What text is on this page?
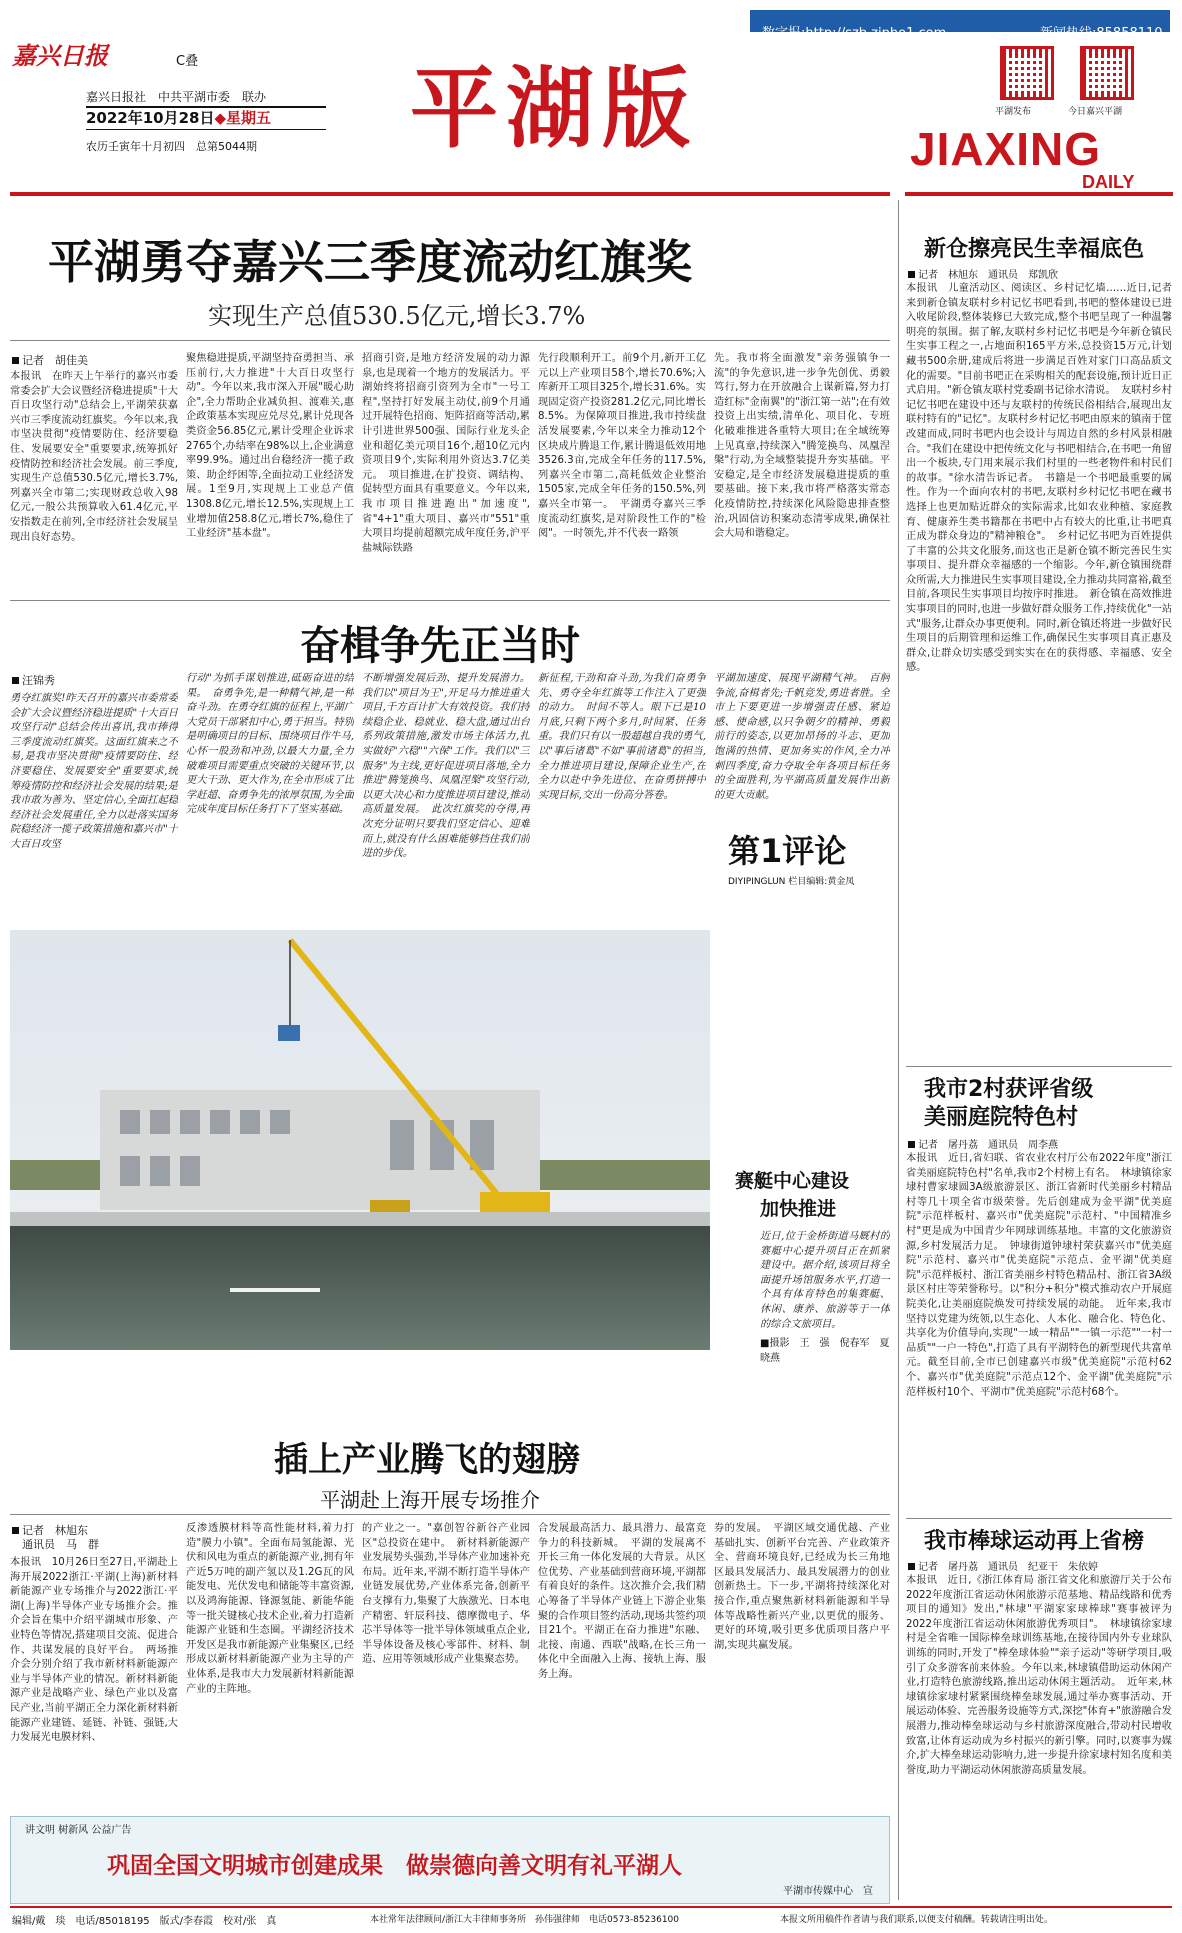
数字报:http://szb.zjpho1.com	新闻热线:85858110
嘉兴日报	C叠
嘉兴日报社　中共平湖市委　联办
2022年10月28日◆星期五
农历壬寅年十月初四　 总第5044期 平湖版	平湖发布	今日嘉兴平湖
JIAXING
DAILY
平湖勇夺嘉兴三季度流动红旗奖
实现生产总值530.5亿元,增长3.7%
记者　胡佳美
本报讯　在昨天上午举行的嘉兴市委常委会扩大会议暨经济稳进提质"十大百日攻坚行动"总结会上,平湖荣获嘉兴市三季度流动红旗奖。今年以来,我市坚决贯彻"疫情要防住、经济要稳住、发展要安全"重要要求,统筹抓好疫情防控和经济社会发展。前三季度,实现生产总值530.5亿元,增长3.7%,列嘉兴全市第二;实现财政总收入98亿元,一般公共预算收入61.4亿元,平安指数走在前列,全市经济社会发展呈现出良好态势。
聚焦稳进提质,平湖坚持奋勇担当、承压前行,大力推进"十大百日攻坚行动"。今年以来,我市深入开展"暖心助企",全力帮助企业减负担、渡难关,惠企政策基本实现应兑尽兑,累计兑现各类资金56.85亿元,累计受理企业诉求2765个,办结率在98%以上,企业满意率99.9%。通过出台稳经济一揽子政策、助企纾困等,全面拉动工业经济发展。1至9月,实现规上工业总产值1308.8亿元,增长12.5%,实现规上工业增加值258.8亿元,增长7%,稳住了工业经济"基本盘"。
招商引资,是地方经济发展的动力源泉,也是现着一个地方的发展活力。平湖始终将招商引资列为全市"一号工程",坚持打好发展主动仗,前9个月通过开展特色招商、矩阵招商等活动,累计引进世界500强、国际行业龙头企业和超亿美元项目16个,超10亿元内资项目9个,实际利用外资达3.7亿美元。　项目推进,在扩投资、调结构、促转型方面具有重要意义。今年以来,我市项目推进跑出"加速度",省"4+1"重大项目、嘉兴市"551"重大项目均提前超额完成年度任务,沪平盐城际铁路
先行段顺利开工。前9个月,新开工亿元以上产业项目58个,增长70.6%;入库新开工项目325个,增长31.6%。实现固定资产投资281.2亿元,同比增长8.5%。为保障项目推进,我市持续盘活发展要素,今年以来全力推动12个区块成片腾退工作,累计腾退低效用地3526.3亩,完成全年任务的117.5%,列嘉兴全市第二,高耗低效企业整治1505家,完成全年任务的150.5%,列嘉兴全市第一。　平湖勇夺嘉兴三季度流动红旗奖,是对阶段性工作的"检阅"。一时领先,并不代表一路领
先。我市将全面激发"亲务强镇争一流"的争先意识,进一步争先创优、勇毅笃行,努力在开放融合上谋新篇,努力打造红标"金南翼"的"浙江第一站";在有效投资上出实绩,清单化、项目化、专班化破难推进各重特大项目;在全域统筹上见真章,持续深入"腾笼换鸟、凤凰涅槃"行动,为全域整装提升夯实基础。平安稳定,是全市经济发展稳进提质的重要基础。接下来,我市将严格落实常态化疫情防控,持续深化风险隐患排查整治,巩固信访积案动态清零成果,确保社会大局和谐稳定。
奋楫争先正当时
汪锦秀
勇夺红旗奖!昨天召开的嘉兴市委常委会扩大会议暨经济稳进提质"十大百日攻坚行动"总结会传出喜讯,我市捧得三季度流动红旗奖。这面红旗来之不易,是我市坚决贯彻"疫情要防住、经济要稳住、发展要安全"重要要求,统筹疫情防控和经济社会发展的结果;是我市敢为善为、坚定信心,全面扛起稳经济社会发展重任,全力以赴落实国务院稳经济一揽子政策措施和嘉兴市"十大百日攻坚
行动"为抓手谋划推进,砥砺奋进的结果。　奋勇争先,是一种精气神,是一种奋斗劲。在勇夺红旗的征程上,平湖广大党员干部紧扣中心,勇于担当。特别是明确项目的目标、围绕项目作牛马,心怀一股劲和冲劲,以最大力量,全力破难项目需要重点突破的关键环节,以更大干劲、更大作为,在全市形成了比学赶超、奋勇争先的浓厚氛围,为全面完成年度目标任务打下了坚实基础。
不断增强发展后劲、提升发展潜力。我们以"项目为王",开足马力推进重大项目,千方百计扩大有效投资。我们持续稳企业、稳就业、稳大盘,通过出台系列政策措施,激发市场主体活力,扎实做好"六稳""六保"工作。我们以"三服务"为主线,更好促进项目落地,全力推进"腾笼换鸟、凤凰涅槃"攻坚行动,以更大决心和力度推进项目建设,推动高质量发展。　此次红旗奖的夺得,再次充分证明只要我们坚定信心、迎难而上,就没有什么困难能够挡住我们前进的步伐。
新征程,干劲和奋斗劲,为我们奋勇争先、勇夺全年红旗等工作注入了更强的动力。　时间不等人。眼下已是10月底,只剩下两个多月,时间紧、任务重。我们只有以一股超越自我的勇气,以"事后诸葛"不如"事前诸葛"的担当,全力推进项目建设,保障企业生产,在全力以赴中争先进位、在奋勇拼搏中实现目标,交出一份高分答卷。
平湖加速度、展现平湖精气神。　百舸争流,奋楫者先;千帆竞发,勇进者胜。全市上下要更进一步增强责任感、紧迫感、使命感,以只争朝夕的精神、勇毅前行的姿态,以更加昂扬的斗志、更加饱满的热情、更加务实的作风,全力冲刺四季度,奋力夺取全年各项目标任务的全面胜利,为平湖高质量发展作出新的更大贡献。
第1评论
DIYIPINGLUN 栏目编辑:黄金凤
赛艇中心建设
加快推进
近日,位于金桥街道马厩村的赛艇中心提升项目正在抓紧建设中。据介绍,该项目将全面提升场馆服务水平,打造一个具有体育特色的集赛艇、休闲、康养、旅游等于一体的综合文旅项目。
■摄影　王　强　倪春军　夏晓燕
插上产业腾飞的翅膀
平湖赴上海开展专场推介
记者　林旭东
通讯员　马　群
本报讯　10月26日至27日,平湖赴上海开展2022浙江·平湖(上海)新材料新能源产业专场推介与2022浙江·平湖(上海)半导体产业专场推介会。推介会旨在集中介绍平湖城市形象、产业特色等情况,搭建项目交流、促进合作、共谋发展的良好平台。　两场推介会分别介绍了我市新材料新能源产业与半导体产业的情况。新材料新能源产业是战略产业、绿色产业以及富民产业,当前平湖正全力深化新材料新能源产业建链、延链、补链、强链,大力发展光电膜材料、
反渗透膜材料等高性能材料,着力打造"膜力小镇"。全面布局氢能源、光伏和风电为重点的新能源产业,拥有年产近5万吨的副产氢以及1.2G瓦的风能发电、光伏发电和储能等丰富资源,以及鸿海能源、锋源氢能、新能华能等一批关键核心技术企业,着力打造新能源产业链和生态圈。平湖经济技术开发区是我市新能源产业集聚区,已经形成以新材料新能源产业为主导的产业体系,是我市大力发展新材料新能源产业的主阵地。
的产业之一。"嘉创智谷新谷产业园区"总投资在建中。　新材料新能源产业发展势头强劲,半导体产业加速补充布局。近年来,平湖不断打造半导体产业链发展优势,产业体系完备,创新平台支撑有力,集聚了大族激光、日本电产精密、轩辰科技、德摩微电子、华芯半导体等一批半导体领域重点企业,半导体设备及核心零部件、材料、制造、应用等领域形成产业集聚态势。
合发展最高活力、最具潜力、最富竞争力的科技新城。　平湖的发展离不开长三角一体化发展的大背景。从区位优势、产业基础到营商环境,平湖都有着良好的条件。这次推介会,我们精心筹备了半导体产业链上下游企业集聚的合作项目签约活动,现场共签约项目21个。平湖正在奋力推进"东融、北接、南通、西联"战略,在长三角一体化中全面融入上海、接轨上海、服务上海。
券的发展。　平湖区域交通优越、产业基础扎实、创新平台完善、产业政策齐全、营商环境良好,已经成为长三角地区最具发展活力、最具发展潜力的创业创新热土。下一步,平湖将持续深化对接合作,重点聚焦新材料新能源和半导体等战略性新兴产业,以更优的服务、更好的环境,吸引更多优质项目落户平湖,实现共赢发展。
新仓擦亮民生幸福底色
记者　林旭东　通讯员　郑凯欣
本报讯　儿童活动区、阅读区、乡村记忆墙……近日,记者来到新仓镇友联村乡村记忆书吧看到,书吧的整体建设已进入收尾阶段,整体装修已大致完成,整个书吧呈现了一种温馨明亮的氛围。据了解,友联村乡村记忆书吧是今年新仓镇民生实事工程之一,占地面积165平方米,总投资15万元,计划藏书500余册,建成后将进一步满足百姓对家门口高品质文化的需要。"目前书吧正在采购相关的配套设施,预计近日正式启用。"新仓镇友联村党委副书记徐水清说。　友联村乡村记忆书吧在建设中还与友联村的传统民俗相结合,展现出友联村特有的"记忆"。友联村乡村记忆书吧由原来的镇南于筐改建而成,同时书吧内也会设计与周边自然的乡村风景相融合。"我们在建设中把传统文化与书吧相结合,在书吧一角留出一个板块,专门用来展示我们村里的一些老物件和村民们的故事。"徐水清告诉记者。　书籍是一个书吧最重要的属性。作为一个面向农村的书吧,友联村乡村记忆书吧在藏书选择上也更加贴近群众的实际需求,比如农业种植、家庭教育、健康养生类书籍都在书吧中占有较大的比重,让书吧真正成为群众身边的"精神粮仓"。　乡村记忆书吧为百姓提供了丰富的公共文化服务,而这也正是新仓镇不断完善民生实事项目、提升群众幸福感的一个缩影。今年,新仓镇围绕群众所需,大力推进民生实事项目建设,全力推动共同富裕,截至目前,各项民生实事项目均按序时推进。　新仓镇在高效推进实事项目的同时,也进一步做好群众服务工作,持续优化"一站式"服务,让群众办事更便利。同时,新仓镇还将进一步做好民生项目的后期管理和运维工作,确保民生实事项目真正惠及群众,让群众切实感受到实实在在的获得感、幸福感、安全感。
我市2村获评省级
美丽庭院特色村
记者　屠丹荔　通讯员　周李燕
本报讯　近日,省妇联、省农业农村厅公布2022年度"浙江省美丽庭院特色村"名单,我市2个村榜上有名。　林埭镇徐家埭村曹家埭圆3A级旅游景区、浙江省新时代美丽乡村精品村等几十项全省市级荣誉。先后创建成为金平湖"优美庭院"示范样板村、嘉兴市"优美庭院"示范村、"中国精准乡村"更是成为中国青少年网球训练基地。丰富的文化旅游资源,乡村发展活力足。　钟埭街道钟埭村荣获嘉兴市"优美庭院"示范村、嘉兴市"优美庭院"示范点、金平湖"优美庭院"示范样板村、浙江省美丽乡村特色精品村、浙江省3A级景区村庄等荣誉称号。以"积分+积分"模式推动农户开展庭院美化,让美丽庭院焕发可持续发展的动能。　近年来,我市坚持以党建为统领,以生态化、人本化、融合化、特色化、共享化为价值导向,实现"一域一精品""一镇一示范""一村一品质""一户一特色",打造了具有平湖特色的新型现代共富单元。截至目前,全市已创建嘉兴市级"优美庭院"示范村62个、嘉兴市"优美庭院"示范点12个、金平湖"优美庭院"示范样板村10个、平湖市"优美庭院"示范村68个。
我市棒球运动再上省榜
记者　屠丹荔　通讯员　纪亚干　朱依婷
本报讯　近日,《浙江体育局 浙江省文化和旅游厅关于公布2022年度浙江省运动休闲旅游示范基地、精品线路和优秀项目的通知》发出,"林埭"平湖家家球棒球"赛事被评为2022年度浙江省运动休闲旅游优秀项目"。　林埭镇徐家埭村是全省唯一国际棒垒球训练基地,在接待国内外专业球队训练的同时,开发了"棒垒球体验""亲子运动"等研学项目,吸引了众多游客前来体验。今年以来,林埭镇借助运动休闲产业,打造特色旅游线路,推出运动休闲主题活动。　近年来,林埭镇徐家埭村紧紧围绕棒垒球发展,通过举办赛事活动、开展运动体验、完善服务设施等方式,深挖"体育+"旅游融合发展潜力,推动棒垒球运动与乡村旅游深度融合,带动村民增收致富,让体育运动成为乡村振兴的新引擎。同时,以赛事为媒介,扩大棒垒球运动影响力,进一步提升徐家埭村知名度和美誉度,助力平湖运动休闲旅游高质量发展。
讲文明 树新风 公益广告
巩固全国文明城市创建成果　做崇德向善文明有礼平湖人
平湖市传媒中心　宣
编辑/戴　琰　电话/85018195　版式/李春霞　校对/张　真	本社常年法律顾问/浙江大丰律师事务所　孙伟强律师　电话0573-85236100	本报文所用稿件作者请与我们联系,以便支付稿酬。转载请注明出处。
